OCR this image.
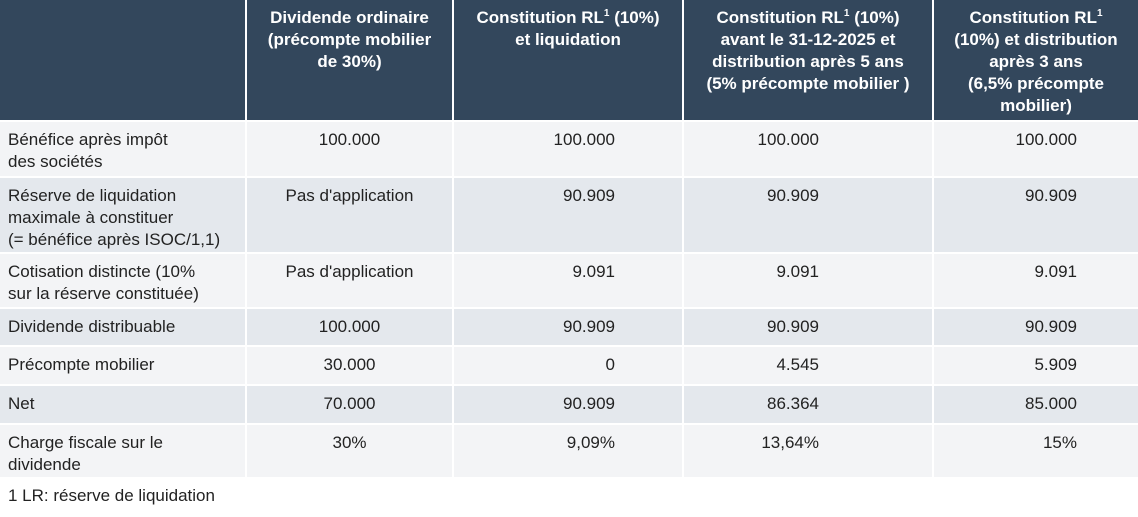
	Dividende ordinaire
(précompte mobilier
de 30%)	Constitution $RL^1$ (10%)
et liquidation	Constitution $RL^1$ (10%)
avant le 31-12-2025 et
distribution après 5 ans
(5% précompte mobilier )	Constitution $RL^1$
(10%) et distribution
après 3 ans
(6,5% précompte
mobilier)

Bénéfice après impôt
des sociétés	100.000	100.000	100.000	100.000

Réserve de liquidation
maximale à constituer
(= bénéfice après ISOC/1,1)	Pas d'application	90.909	90.909	90.909

Cotisation distincte (10%
sur la réserve constituée)	Pas d'application	9.091	9.091	9.091

Dividende distribuable	100.000	90.909	90.909	90.909

Précompte mobilier	30.000	0	4.545	5.909

Net	70.000	90.909	86.364	85.000

Charge fiscale sur le
dividende	30%	9,09%	13,64%	15%
1 LR: réserve de liquidation
